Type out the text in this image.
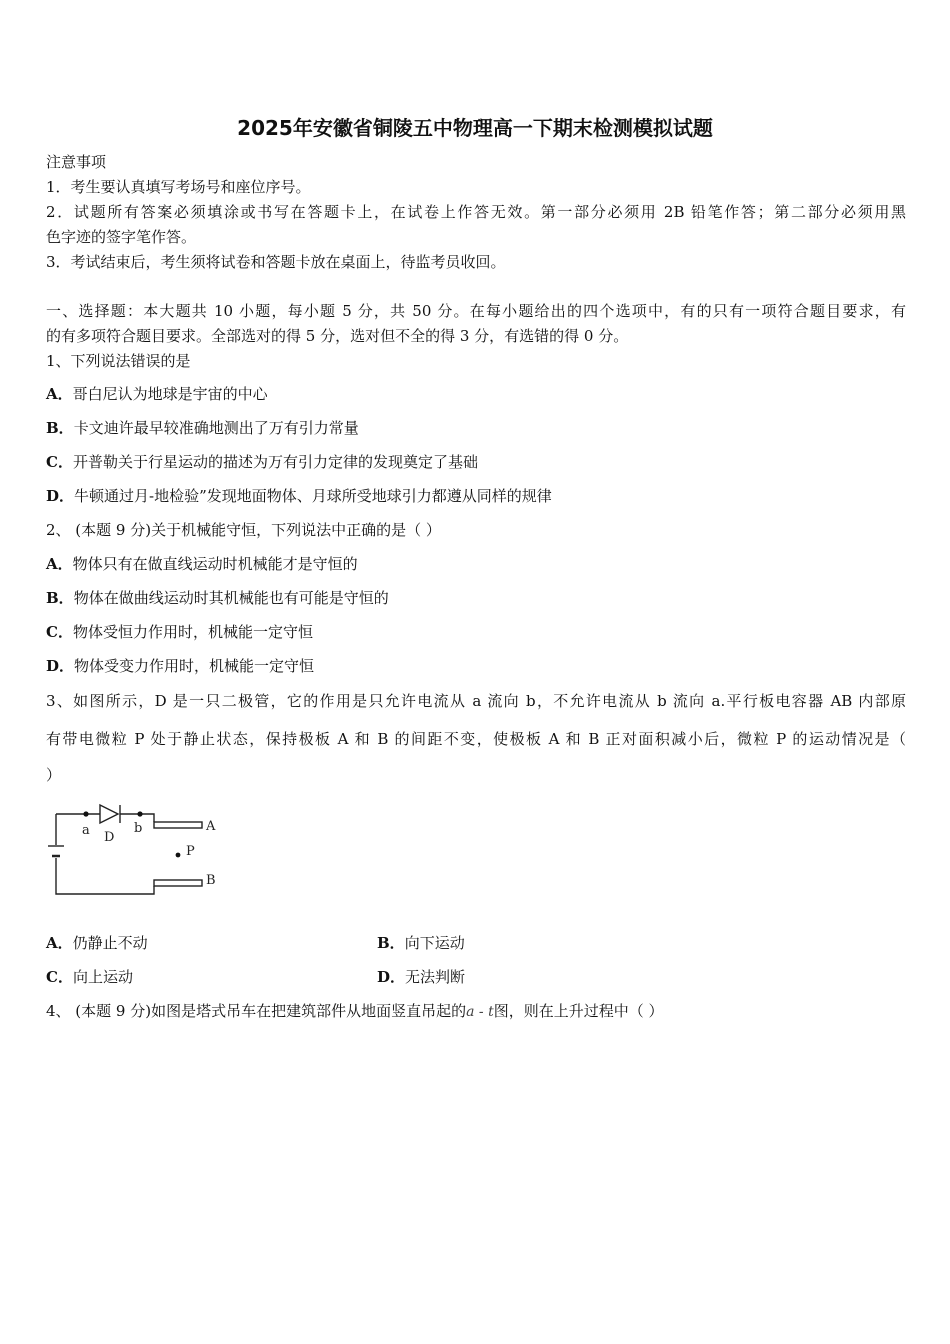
2025年安徽省铜陵五中物理高一下期末检测模拟试题
注意事项
1．考生要认真填写考场号和座位序号。
2．试题所有答案必须填涂或书写在答题卡上，在试卷上作答无效。第一部分必须用 2B 铅笔作答；第二部分必须用黑
色字迹的签字笔作答。
3．考试结束后，考生须将试卷和答题卡放在桌面上，待监考员收回。
一、选择题：本大题共 10 小题，每小题 5 分，共 50 分。在每小题给出的四个选项中，有的只有一项符合题目要求，有
的有多项符合题目要求。全部选对的得 5 分，选对但不全的得 3 分，有选错的得 0 分。
1、下列说法错误的是
A．哥白尼认为地球是宇宙的中心
B．卡文迪许最早较准确地测出了万有引力常量
C．开普勒关于行星运动的描述为万有引力定律的发现奠定了基础
D．牛顿通过月-地检验”发现地面物体、月球所受地球引力都遵从同样的规律
2、 (本题 9 分)关于机械能守恒，下列说法中正确的是（ ）
A．物体只有在做直线运动时机械能才是守恒的
B．物体在做曲线运动时其机械能也有可能是守恒的
C．物体受恒力作用时，机械能一定守恒
D．物体受变力作用时，机械能一定守恒
3、如图所示，D 是一只二极管，它的作用是只允许电流从 a 流向 b，不允许电流从 b 流向 a.平行板电容器 AB 内部原
有带电微粒 P 处于静止状态，保持极板 A 和 B 的间距不变，使极板 A 和 B 正对面积减小后，微粒 P 的运动情况是（
）
a D
b	A
P
B
A．仍静止不动	B．向下运动
C．向上运动	D．无法判断
4、 (本题 9 分)如图是塔式吊车在把建筑部件从地面竖直吊起的a - t图，则在上升过程中（ ）
